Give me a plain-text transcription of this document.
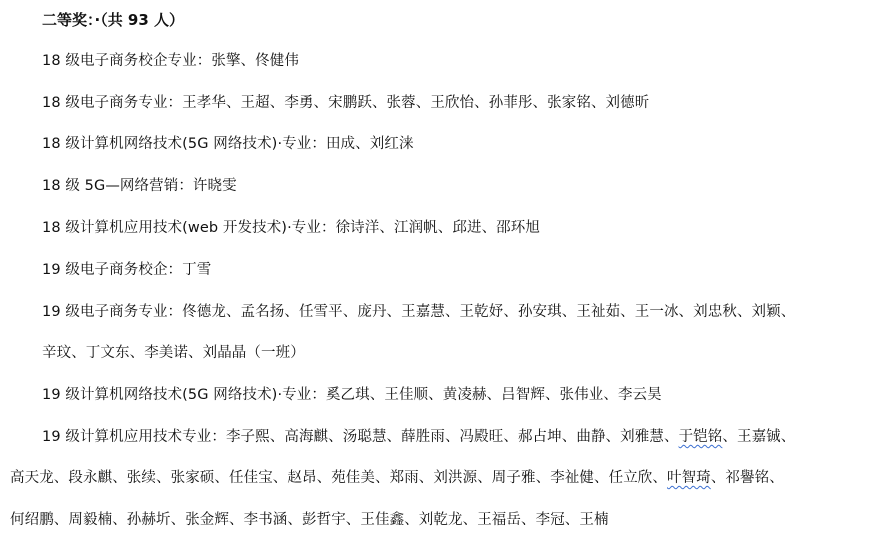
二等奖：·（共 93 人）
18 级电子商务校企专业：张擎、佟健伟
18 级电子商务专业：王孝华、王超、李勇、宋鹏跃、张蓉、王欣怡、孙菲彤、张家铭、刘德昕
18 级计算机网络技术(5G 网络技术)·专业：田成、刘红涞
18 级 5G—网络营销：许晓雯
18 级计算机应用技术(web 开发技术)·专业：徐诗洋、江润帆、邱进、邵环旭
19 级电子商务校企：丁雪
19 级电子商务专业：佟德龙、孟名扬、任雪平、庞丹、王嘉慧、王乾妤、孙安琪、王祉茹、王一冰、刘忠秋、刘颖、
辛玟、丁文东、李美诺、刘晶晶（一班）
19 级计算机网络技术(5G 网络技术)·专业：奚乙琪、王佳顺、黄凌赫、吕智辉、张伟业、李云昊
19 级计算机应用技术专业：李子熙、高海麒、汤聪慧、薛胜雨、冯殿旺、郝占坤、曲静、刘雅慧、于铠铭、王嘉铖、
高天龙、段永麒、张续、张家硕、任佳宝、赵昂、苑佳美、郑雨、刘洪源、周子雅、李祉健、任立欣、叶智琦、祁譽铭、
何绍鹏、周毅楠、孙赫圻、张金辉、李书涵、彭哲宇、王佳鑫、刘乾龙、王福岳、李冠、王楠
